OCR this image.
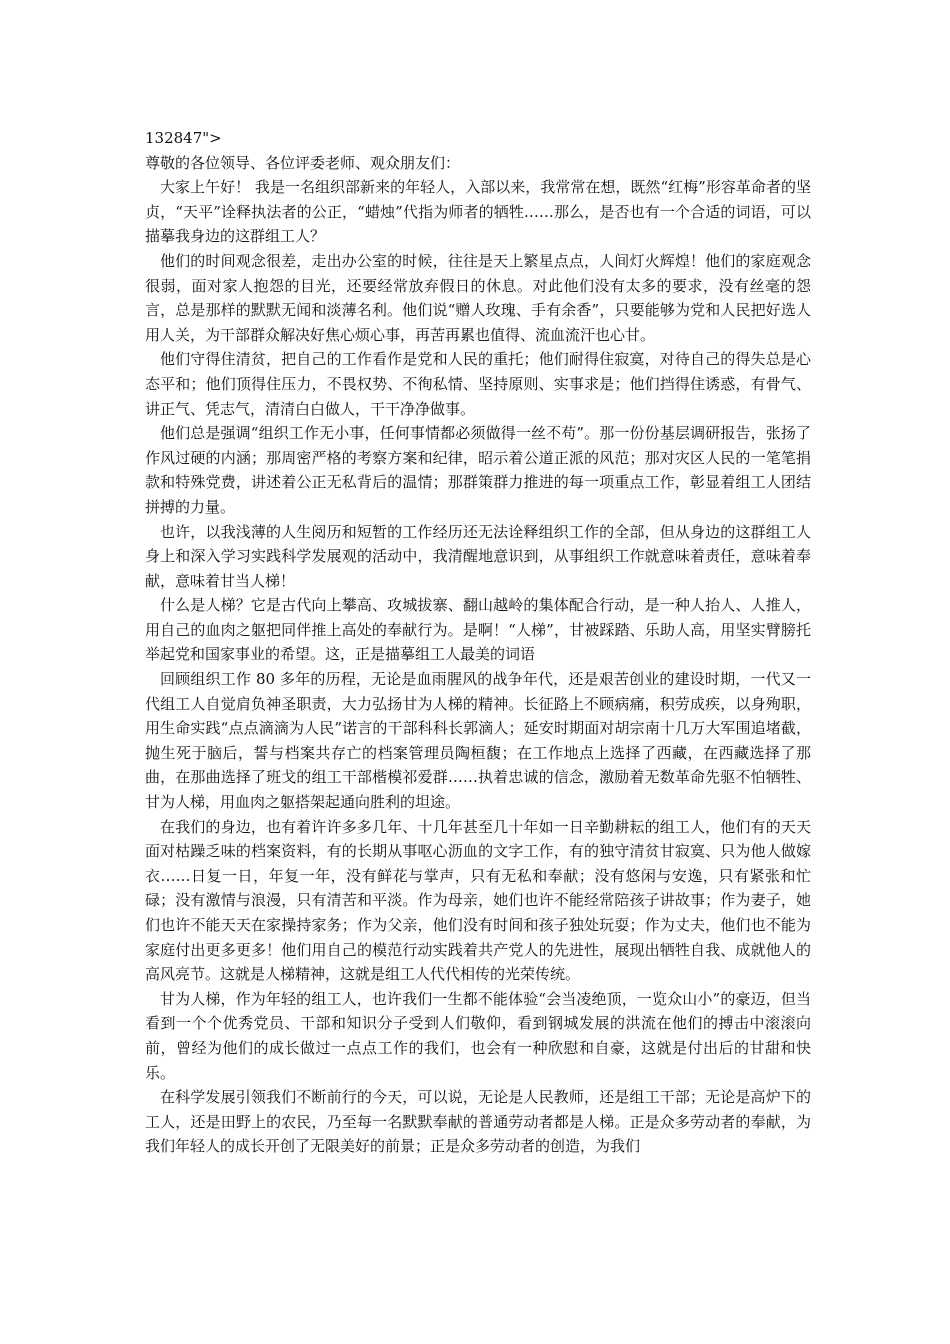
132847">

尊敬的各位领导、各位评委老师、观众朋友们：

大家上午好！ 我是一名组织部新来的年轻人，入部以来，我常常在想，既然“红梅”形容革命者的坚贞，“天平”诠释执法者的公正，“蜡烛”代指为师者的牺牲……那么，是否也有一个合适的词语，可以描摹我身边的这群组工人？

他们的时间观念很差，走出办公室的时候，往往是天上繁星点点，人间灯火辉煌！他们的家庭观念很弱，面对家人抱怨的目光，还要经常放弃假日的休息。对此他们没有太多的要求，没有丝毫的怨言，总是那样的默默无闻和淡薄名利。他们说“赠人玫瑰、手有余香”，只要能够为党和人民把好选人用人关，为干部群众解决好焦心烦心事，再苦再累也值得、流血流汗也心甘。

他们守得住清贫，把自己的工作看作是党和人民的重托；他们耐得住寂寞，对待自己的得失总是心态平和；他们顶得住压力，不畏权势、不徇私情、坚持原则、实事求是；他们挡得住诱惑，有骨气、讲正气、凭志气，清清白白做人，干干净净做事。

他们总是强调“组织工作无小事，任何事情都必须做得一丝不苟”。那一份份基层调研报告，张扬了作风过硬的内涵；那周密严格的考察方案和纪律，昭示着公道正派的风范；那对灾区人民的一笔笔捐款和特殊党费，讲述着公正无私背后的温情；那群策群力推进的每一项重点工作，彰显着组工人团结拼搏的力量。

也许，以我浅薄的人生阅历和短暂的工作经历还无法诠释组织工作的全部，但从身边的这群组工人身上和深入学习实践科学发展观的活动中，我清醒地意识到，从事组织工作就意味着责任，意味着奉献，意味着甘当人梯！

什么是人梯？它是古代向上攀高、攻城拔寨、翻山越岭的集体配合行动，是一种人抬人、人推人，用自己的血肉之躯把同伴推上高处的奉献行为。是啊！“人梯”，甘被踩踏、乐助人高，用坚实臂膀托举起党和国家事业的希望。这，正是描摹组工人最美的词语

回顾组织工作 80 多年的历程，无论是血雨腥风的战争年代，还是艰苦创业的建设时期，一代又一代组工人自觉肩负神圣职责，大力弘扬甘为人梯的精神。长征路上不顾病痛，积劳成疾，以身殉职，用生命实践“点点滴滴为人民”诺言的干部科科长郭滴人；延安时期面对胡宗南十几万大军围追堵截，抛生死于脑后，誓与档案共存亡的档案管理员陶桓馥；在工作地点上选择了西藏，在西藏选择了那曲，在那曲选择了班戈的组工干部楷模祁爱群……执着忠诚的信念，激励着无数革命先驱不怕牺牲、甘为人梯，用血肉之躯搭架起通向胜利的坦途。

在我们的身边，也有着许许多多几年、十几年甚至几十年如一日辛勤耕耘的组工人，他们有的天天面对枯躁乏味的档案资料，有的长期从事呕心沥血的文字工作，有的独守清贫甘寂寞、只为他人做嫁衣……日复一日，年复一年，没有鲜花与掌声，只有无私和奉献；没有悠闲与安逸，只有紧张和忙碌；没有激情与浪漫，只有清苦和平淡。作为母亲，她们也许不能经常陪孩子讲故事；作为妻子，她们也许不能天天在家操持家务；作为父亲，他们没有时间和孩子独处玩耍；作为丈夫，他们也不能为家庭付出更多更多！他们用自己的模范行动实践着共产党人的先进性，展现出牺牲自我、成就他人的高风亮节。这就是人梯精神，这就是组工人代代相传的光荣传统。

甘为人梯，作为年轻的组工人，也许我们一生都不能体验“会当凌绝顶，一览众山小”的豪迈，但当看到一个个优秀党员、干部和知识分子受到人们敬仰，看到钢城发展的洪流在他们的搏击中滚滚向前，曾经为他们的成长做过一点点工作的我们，也会有一种欣慰和自豪，这就是付出后的甘甜和快乐。

在科学发展引领我们不断前行的今天，可以说，无论是人民教师，还是组工干部；无论是高炉下的工人，还是田野上的农民，乃至每一名默默奉献的普通劳动者都是人梯。正是众多劳动者的奉献，为我们年轻人的成长开创了无限美好的前景；正是众多劳动者的创造，为我们
